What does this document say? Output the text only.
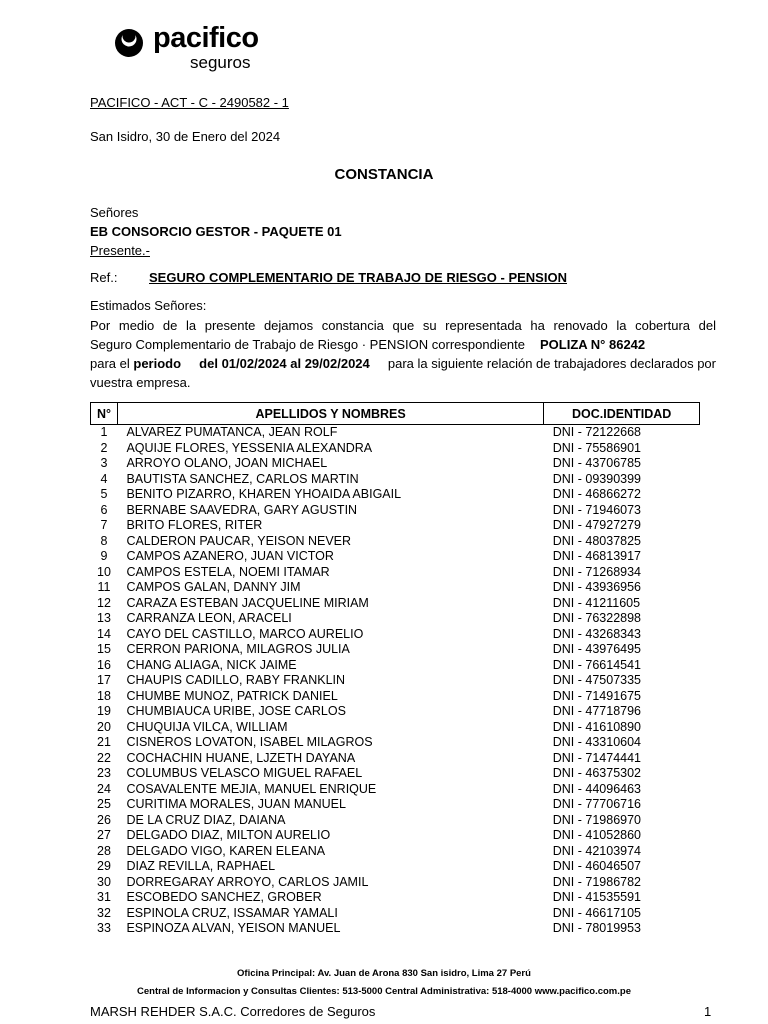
pacifico
seguros
PACIFICO - ACT - C - 2490582 - 1
San Isidro, 30 de Enero del 2024
CONSTANCIA
Señores
EB CONSORCIO GESTOR - PAQUETE 01
Presente.-
Ref.: SEGURO COMPLEMENTARIO DE TRABAJO DE RIESGO - PENSION
Estimados Señores:
Por medio de la presente dejamos constancia que su representada ha renovado la cobertura del
Seguro Complementario de Trabajo de Riesgo · PENSION correspondiente POLIZA N° 86242
para el periodo del 01/02/2024 al 29/02/2024 para la siguiente relación de trabajadores declarados por
vuestra empresa.
N°	APELLIDOS Y NOMBRES	DOC.IDENTIDAD
1	ALVAREZ PUMATANCA, JEAN ROLF	DNI - 72122668
2	AQUIJE FLORES, YESSENIA ALEXANDRA	DNI - 75586901
3	ARROYO OLANO, JOAN MICHAEL	DNI - 43706785
4	BAUTISTA SANCHEZ, CARLOS MARTIN	DNI - 09390399
5	BENITO PIZARRO, KHAREN YHOAIDA ABIGAIL	DNI - 46866272
6	BERNABE SAAVEDRA, GARY AGUSTIN	DNI - 71946073
7	BRITO FLORES, RITER	DNI - 47927279
8	CALDERON PAUCAR, YEISON NEVER	DNI - 48037825
9	CAMPOS AZANERO, JUAN VICTOR	DNI - 46813917
10	CAMPOS ESTELA, NOEMI ITAMAR	DNI - 71268934
11	CAMPOS GALAN, DANNY JIM	DNI - 43936956
12	CARAZA ESTEBAN JACQUELINE MIRIAM	DNI - 41211605
13	CARRANZA LEON, ARACELI	DNI - 76322898
14	CAYO DEL CASTILLO, MARCO AURELIO	DNI - 43268343
15	CERRON PARIONA, MILAGROS JULIA	DNI - 43976495
16	CHANG ALIAGA, NICK JAIME	DNI - 76614541
17	CHAUPIS CADILLO, RABY FRANKLIN	DNI - 47507335
18	CHUMBE MUNOZ, PATRICK DANIEL	DNI - 71491675
19	CHUMBIAUCA URIBE, JOSE CARLOS	DNI - 47718796
20	CHUQUIJA VILCA, WILLIAM	DNI - 41610890
21	CISNEROS LOVATON, ISABEL MILAGROS	DNI - 43310604
22	COCHACHIN HUANE, LJZETH DAYANA	DNI - 71474441
23	COLUMBUS VELASCO MIGUEL RAFAEL	DNI - 46375302
24	COSAVALENTE MEJIA, MANUEL ENRIQUE	DNI - 44096463
25	CURITIMA MORALES, JUAN MANUEL	DNI - 77706716
26	DE LA CRUZ DIAZ, DAIANA	DNI - 71986970
27	DELGADO DIAZ, MILTON AURELIO	DNI - 41052860
28	DELGADO VIGO, KAREN ELEANA	DNI - 42103974
29	DIAZ REVILLA, RAPHAEL	DNI - 46046507
30	DORREGARAY ARROYO, CARLOS JAMIL	DNI - 71986782
31	ESCOBEDO SANCHEZ, GROBER	DNI - 41535591
32	ESPINOLA CRUZ, ISSAMAR YAMALI	DNI - 46617105
33	ESPINOZA ALVAN, YEISON MANUEL	DNI - 78019953
Oficina Principal: Av. Juan de Arona 830 San isidro, Lima 27 Perú
Central de Informacion y Consultas Clientes: 513-5000 Central Administrativa: 518-4000 www.pacifico.com.pe
MARSH REHDER S.A.C. Corredores de Seguros	1
